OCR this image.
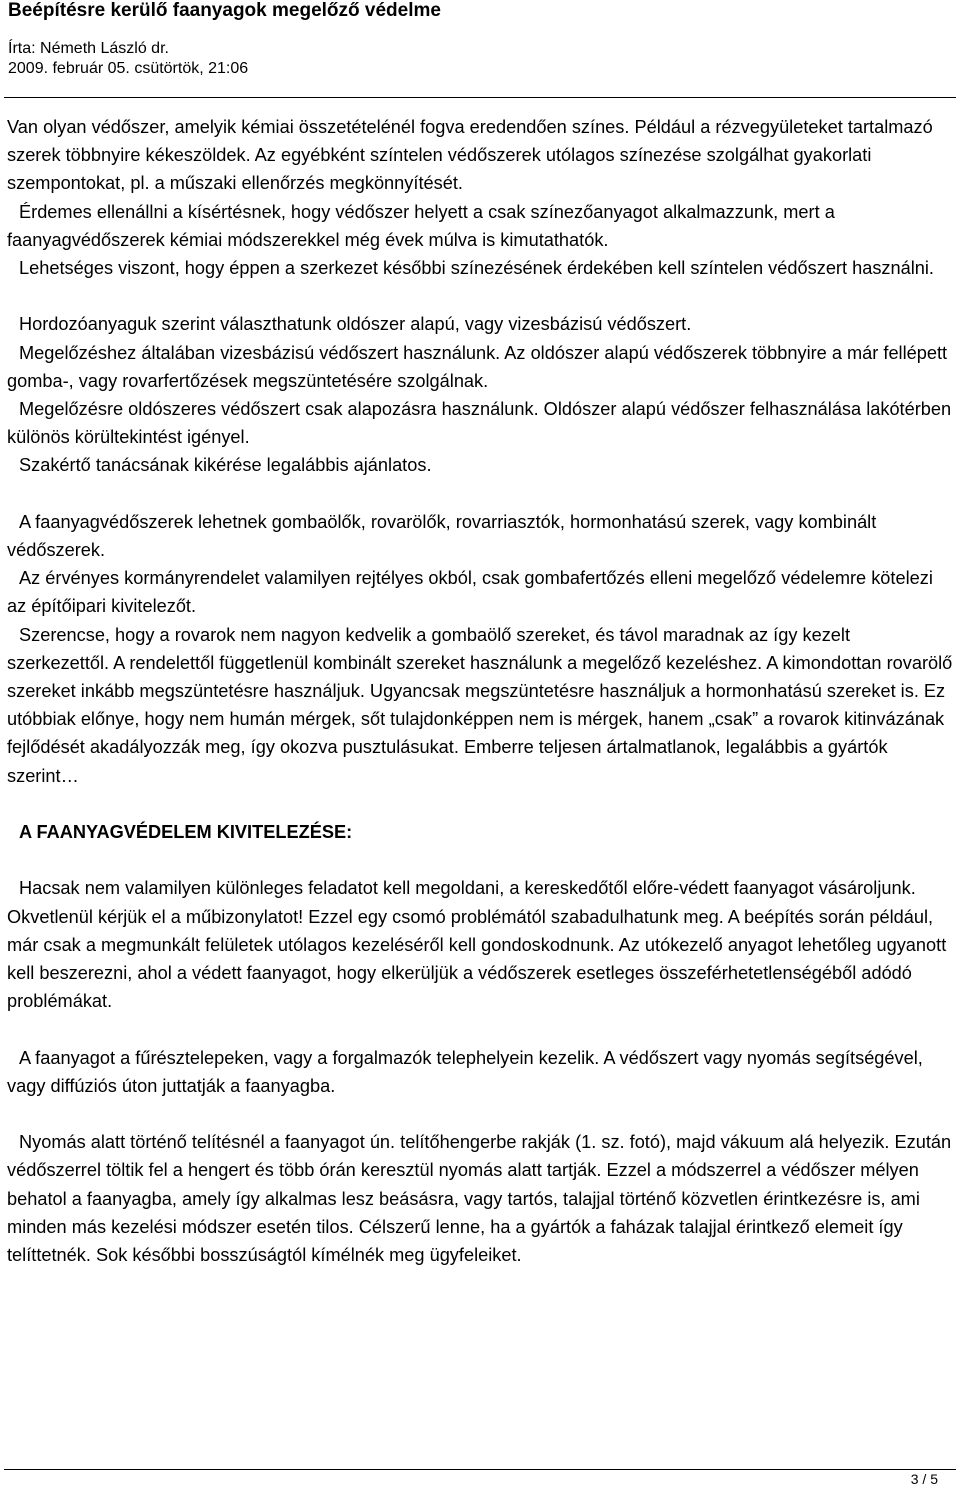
Beépítésre kerülő faanyagok megelőző védelme
Írta: Németh László dr.
2009. február 05. csütörtök, 21:06

Van olyan védőszer, amelyik kémiai összetételénél fogva eredendően színes. Például a rézvegyületeket tartalmazó szerek többnyire kékeszöldek. Az egyébként színtelen védőszerek utólagos színezése szolgálhat gyakorlati szempontokat, pl. a műszaki ellenőrzés megkönnyítését.

Érdemes ellenállni a kísértésnek, hogy védőszer helyett a csak színezőanyagot alkalmazzunk, mert a faanyagvédőszerek kémiai módszerekkel még évek múlva is kimutathatók.

Lehetséges viszont, hogy éppen a szerkezet későbbi színezésének érdekében kell színtelen védőszert használni.

Hordozóanyaguk szerint választhatunk oldószer alapú, vagy vizesbázisú védőszert.

Megelőzéshez általában vizesbázisú védőszert használunk. Az oldószer alapú védőszerek többnyire a már fellépett gomba-, vagy rovarfertőzések megszüntetésére szolgálnak.

Megelőzésre oldószeres védőszert csak alapozásra használunk. Oldószer alapú védőszer felhasználása lakótérben különös körültekintést igényel.

Szakértő tanácsának kikérése legalábbis ajánlatos.

A faanyagvédőszerek lehetnek gombaölők, rovarölők, rovarriasztók, hormonhatású szerek, vagy kombinált védőszerek.

Az érvényes kormányrendelet valamilyen rejtélyes okból, csak gombafertőzés elleni megelőző védelemre kötelezi az építőipari kivitelezőt.

Szerencse, hogy a rovarok nem nagyon kedvelik a gombaölő szereket, és távol maradnak az így kezelt szerkezettől. A rendelettől függetlenül kombinált szereket használunk a megelőző kezeléshez. A kimondottan rovarölő szereket inkább megszüntetésre használjuk. Ugyancsak megszüntetésre használjuk a hormonhatású szereket is. Ez utóbbiak előnye, hogy nem humán mérgek, sőt tulajdonképpen nem is mérgek, hanem „csak” a rovarok kitinvázának fejlődését akadályozzák meg, így okozva pusztulásukat. Emberre teljesen ártalmatlanok, legalábbis a gyártók szerint…

A FAANYAGVÉDELEM KIVITELEZÉSE:

Hacsak nem valamilyen különleges feladatot kell megoldani, a kereskedőtől előre-védett faanyagot vásároljunk. Okvetlenül kérjük el a műbizonylatot! Ezzel egy csomó problémától szabadulhatunk meg. A beépítés során például, már csak a megmunkált felületek utólagos kezeléséről kell gondoskodnunk. Az utókezelő anyagot lehetőleg ugyanott kell beszerezni, ahol a védett faanyagot, hogy elkerüljük a védőszerek esetleges összeférhetetlenségéből adódó problémákat.

A faanyagot a fűrésztelepeken, vagy a forgalmazók telephelyein kezelik. A védőszert vagy nyomás segítségével, vagy diffúziós úton juttatják a faanyagba.

Nyomás alatt történő telítésnél a faanyagot ún. telítőhengerbe rakják (1. sz. fotó), majd vákuum alá helyezik. Ezután védőszerrel töltik fel a hengert és több órán keresztül nyomás alatt tartják. Ezzel a módszerrel a védőszer mélyen behatol a faanyagba, amely így alkalmas lesz beásásra, vagy tartós, talajjal történő közvetlen érintkezésre is, ami minden más kezelési módszer esetén tilos. Célszerű lenne, ha a gyártók a faházak talajjal érintkező elemeit így telíttetnék. Sok későbbi bosszúságtól kímélnék meg ügyfeleiket.

3 / 5
